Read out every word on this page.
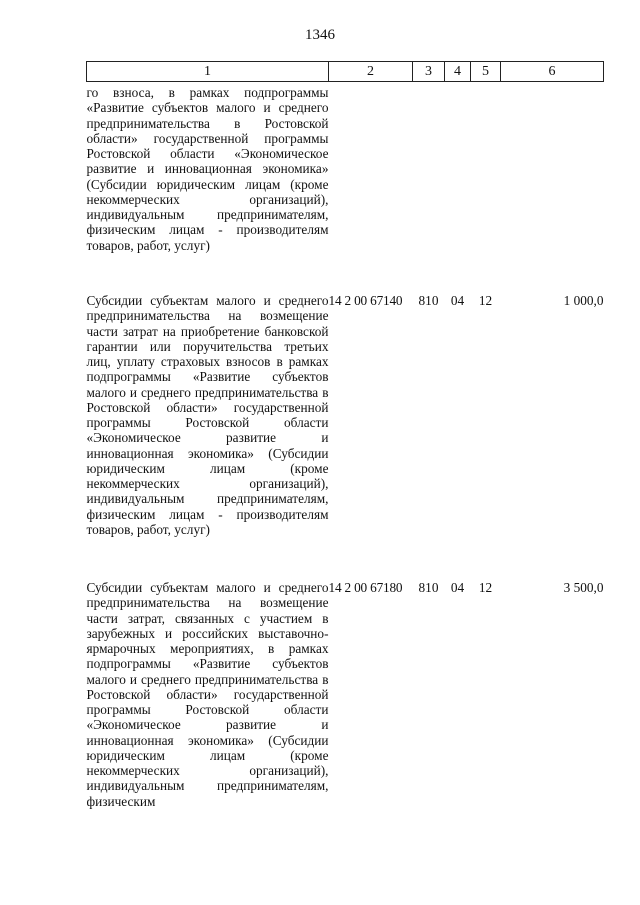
1346
1	2	3	4	5	6
го взноса, в рамках подпрограммы «Развитие субъектов малого и среднего предпринимательства в Ростовской области» государственной программы Ростовской области «Экономическое развитие и инновационная экономика» (Субсидии юридическим лицам (кроме некоммерческих организаций), индивидуальным предпринимателям, физическим лицам - производителям товаров, работ, услуг)					
Субсидии субъектам малого и среднего предпринимательства на возмещение части затрат на приобретение банковской гарантии или поручительства третьих лиц, уплату страховых взносов в рамках подпрограммы «Развитие субъектов малого и среднего предпринимательства в Ростовской области» государственной программы Ростовской области «Экономическое развитие и инновационная экономика» (Субсидии юридическим лицам (кроме некоммерческих организаций), индивидуальным предпринимателям, физическим лицам - производителям товаров, работ, услуг)	14 2 00 67140	810	04	12	1 000,0
Субсидии субъектам малого и среднего предпринимательства на возмещение части затрат, связанных с участием в зарубежных и российских выставочно-ярмарочных мероприятиях, в рамках подпрограммы «Развитие субъектов малого и среднего предпринимательства в Ростовской области» государственной программы Ростовской области «Экономическое развитие и инновационная экономика» (Субсидии юридическим лицам (кроме некоммерческих организаций), индивидуальным предпринимателям, физическим	14 2 00 67180	810	04	12	3 500,0
